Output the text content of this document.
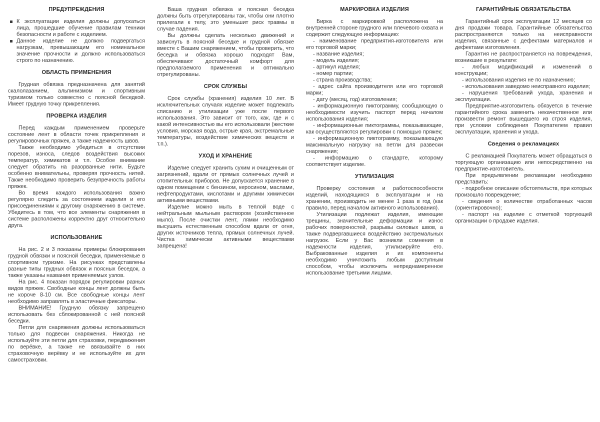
ПРЕДУПРЕЖДЕНИЯ
К эксплуатации изделия должны допускаться лица, прошедшие обучение правилам техники безопасности и работе с изделием.
Данное изделие не должно подвергаться нагрузкам, превышающим его номинальное значение прочности и должно использоваться строго по назначению.
ОБЛАСТЬ ПРИМЕНЕНИЯ
Грудная обвязка предназначена для занятий скалолазанием, альпинизмом и спортивным туризмом только совместно с поясной беседкой. Имеет грудную точку прикрепления.
ПРОВЕРКА ИЗДЕЛИЯ
Перед каждым применением проверьте состояние лент в области точек прикрепления и регулировочных пряжек, а также надежность швов.
Также необходимо убедиться в отсутствии порезов, износа, следов воздействия высоких температур, химикатов и т.п. Особое внимание следует обратить на разорванные нити. Будьте особенно внимательны, проверяя прочность нитей. Также необходимо проверить безупречность работы пряжек.
Во время каждого использования важно регулярно следить за состоянием изделия и его присоединениями к другому снаряжению в системе. Убедитесь в том, что все элементы снаряжения в системе расположены корректно друг относительно друга.
ИСПОЛЬЗОВАНИЕ
На рис. 2 и 3 показаны примеры блокирования грудной обвязки и поясной беседки, применяемые в спортивном туризме. На рисунках представлены разные типы грудных обвязок и поясных беседок, а также указаны названия применяемых узлов.
На рис. 4 показан порядок регулировки разных видов пряжек. Свободные концы лент должны быть не короче 8-10 см. Все свободные концы лент необходимо заправлять в эластичные фиксаторы.
ВНИМАНИЕ! Грудную обвязку запрещено использовать без сблокированной с ней поясной беседки.
Петли для снаряжения должны использоваться только для подвески снаряжения. Никогда не используйте эти петли для страховки, передвижения по верёвке, а также не ввязывайте в них страховочную верёвку и не используйте их для самостраховки.
Ваша грудная обвязка и поясная беседка должны быть отрегулированы так, чтобы они плотно прилегали к телу, это уменьшит риск травмы в случае падения.
Вы должны сделать несколько движений и зависнуть в поясной беседке и грудной обвязке вместе с Вашим снаряжением, чтобы проверить, что беседка и обвязка хорошо подходят Вам, обеспечивают достаточный комфорт для предполагаемого применения и оптимально отрегулированы.
СРОК СЛУЖБЫ
Срок службы (хранения) изделия 10 лет. В исключительных случаях изделие может подлежать списанию и утилизации уже после первого использования. Это зависит от того, как, где и с какой интенсивностью вы его использовали (жесткие условия, морская вода, острые края, экстремальные температуры, воздействие химических веществ и т.п.).
УХОД И ХРАНЕНИЕ
Изделие следует хранить сухим и очищенным от загрязнений, вдали от прямых солнечных лучей и отопительных приборов. Не допускается хранение в одном помещении с бензином, керосином, маслами, нефтепродуктами, кислотами и другими химически активными веществами.
Изделие можно мыть в теплой воде с нейтральным мыльным раствором (хозяйственное мыло). После очистки лент, лямки необходимо высушить естественным способом вдали от огня, других источников тепла, прямых солнечных лучей. Чистка химически активными веществами запрещена!
МАРКИРОВКА ИЗДЕЛИЯ
Бирка с маркировкой расположена на внутренней стороне грудного или плечевого охвата и содержит следующую информацию:
- наименование предприятия-изготовителя или его торговой марки;
- название изделия;
- модель изделия;
- артикул изделия;
- номер партии;
- страна производства;
- адрес сайта производителя или его торговой марки;
- дату (месяц, год) изготовления;
- информационную пиктограмму, сообщающую о необходимости изучить паспорт перед началом использования изделия;
- информационные пиктограммы, показывающие, как осуществляются регулировки с помощью пряжек;
- информационную пиктограмму, показывающую максимальную нагрузку на петли для развески снаряжения;
- информацию о стандарте, которому соответствует изделие.
УТИЛИЗАЦИЯ
Проверку состояния и работоспособности изделий, находящихся в эксплуатации и на хранении, производить не менее 1 раза в год (как правило, перед началом активного использования).
Утилизации подлежат изделия, имеющие трещины, значительные деформации и износ рабочих поверхностей, разрывы силовых швов, а также подвергавшиеся воздействию экстремальных нагрузок. Если у Вас возникли сомнения в надежности изделия, утилизируйте его. Выбракованные изделия и их компоненты необходимо уничтожить любым доступным способом, чтобы исключить непреднамеренное использование третьими лицами.
ГАРАНТИЙНЫЕ ОБЯЗАТЕЛЬСТВА
Гарантийный срок эксплуатации 12 месяцев со дня продажи товара. Гарантийные обязательства распространяются только на неисправности изделия, связанные с дефектами материалов и дефектами изготовления.
Гарантия не распространяется на повреждения, возникшие в результате:
- любых модификаций и изменений в конструкции;
- использования изделия не по назначению;
- использования заведомо неисправного изделия;
- нарушения требований ухода, хранения и эксплуатации.
Предприятие-изготовитель обязуется в течение гарантийного срока заменить некачественное или произвести ремонт вышедшего из строя изделия, при условии соблюдения Покупателем правил эксплуатации, хранения и ухода.
Сведения о рекламациях
С рекламацией Покупатель может обращаться в торгующую организацию или непосредственно на предприятие-изготовитель.
При предъявлении рекламации необходимо представить:
- подробное описание обстоятельств, при которых произошло повреждение;
- сведения о количестве отработанных часов (ориентировочно);
- паспорт на изделие с отметкой торгующей организации о продаже изделия.
